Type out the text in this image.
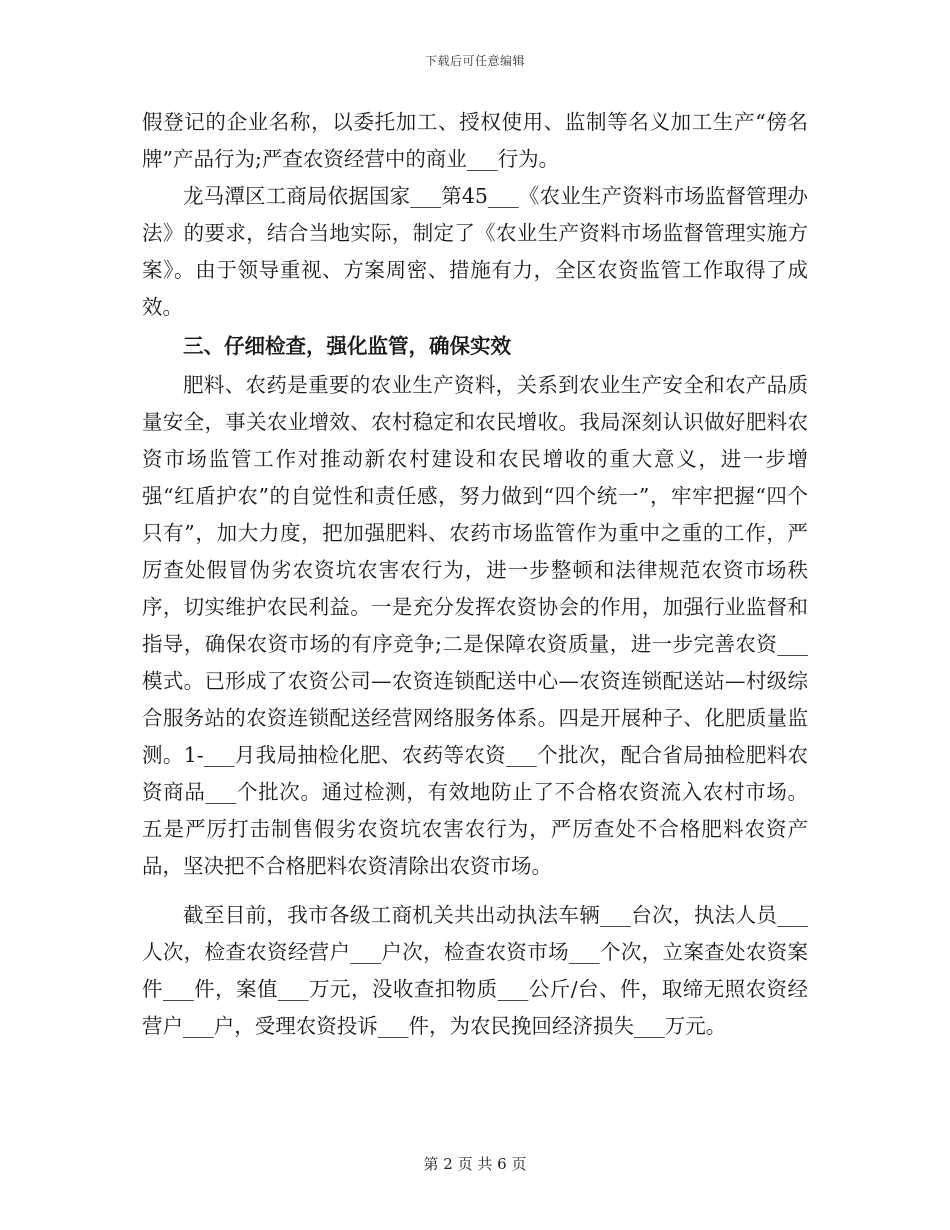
下载后可任意编辑

假登记的企业名称，以委托加工、授权使用、监制等名义加工生产“傍名牌”产品行为;严查农资经营中的商业___行为。

龙马潭区工商局依据国家___第45___《农业生产资料市场监督管理办法》的要求，结合当地实际，制定了《农业生产资料市场监督管理实施方案》。由于领导重视、方案周密、措施有力，全区农资监管工作取得了成效。

三、仔细检查，强化监管，确保实效

肥料、农药是重要的农业生产资料，关系到农业生产安全和农产品质量安全，事关农业增效、农村稳定和农民增收。我局深刻认识做好肥料农资市场监管工作对推动新农村建设和农民增收的重大意义，进一步增强“红盾护农”的自觉性和责任感，努力做到“四个统一”，牢牢把握“四个只有”，加大力度，把加强肥料、农药市场监管作为重中之重的工作，严厉查处假冒伪劣农资坑农害农行为，进一步整顿和法律规范农资市场秩序，切实维护农民利益。一是充分发挥农资协会的作用，加强行业监督和指导，确保农资市场的有序竞争;二是保障农资质量，进一步完善农资___模式。已形成了农资公司—农资连锁配送中心—农资连锁配送站—村级综合服务站的农资连锁配送经营网络服务体系。四是开展种子、化肥质量监测。1-___月我局抽检化肥、农药等农资___个批次，配合省局抽检肥料农资商品___个批次。通过检测，有效地防止了不合格农资流入农村市场。五是严厉打击制售假劣农资坑农害农行为，严厉查处不合格肥料农资产品，坚决把不合格肥料农资清除出农资市场。

截至目前，我市各级工商机关共出动执法车辆___台次，执法人员___人次，检查农资经营户___户次，检查农资市场___个次，立案查处农资案件___件，案值___万元，没收查扣物质___公斤/台、件，取缔无照农资经营户___户，受理农资投诉___件，为农民挽回经济损失___万元。

第 2 页 共 6 页
